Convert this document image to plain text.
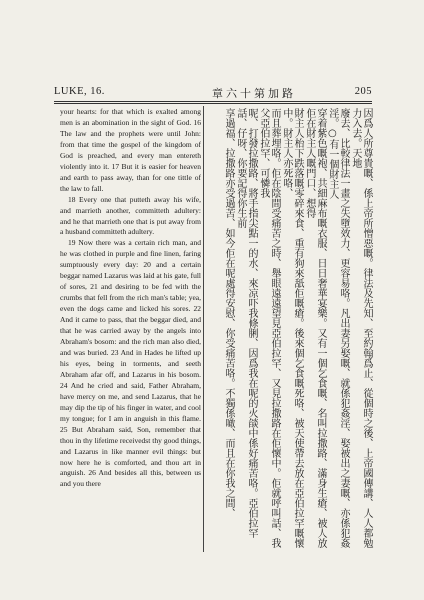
LUKE, 16.	章六十第加路	205

your hearts: for that which is exalted among men is an abomination in the sight of God. 16 The law and the prophets were until John: from that time the gospel of the kingdom of God is preached, and every man entereth violently into it. 17 But it is easier for heaven and earth to pass away, than for one tittle of the law to fall.

18 Every one that putteth away his wife, and marrieth another, committeth adultery: and he that marrieth one that is put away from a husband committeth adultery.

19 Now there was a certain rich man, and he was clothed in purple and fine linen, faring sumptuously every day: 20 and a certain beggar named Lazarus was laid at his gate, full of sores, 21 and desiring to be fed with the crumbs that fell from the rich man's table; yea, even the dogs came and licked his sores. 22 And it came to pass, that the beggar died, and that he was carried away by the angels into Abraham's bosom: and the rich man also died, and was buried. 23 And in Hades he lifted up his eyes, being in torments, and seeth Abraham afar off, and Lazarus in his bosom. 24 And he cried and said, Father Abraham, have mercy on me, and send Lazarus, that he may dip the tip of his finger in water, and cool my tongue; for I am in anguish in this flame. 25 But Abraham said, Son, remember that thou in thy lifetime receivedst thy good things, and Lazarus in like manner evil things: but now here he is comforted, and thou art in anguish. 26 And besides all this, between us and you there	因爲人所尊貴嘅、係上帝所憎惡嘅。律法及先知、至約翰爲止、從個時之後、上帝國傳講、人人都勉力入去。天地
廢去、比較律法一畫之失墮效力、更容易咯。凡出妻另娶嘅、就係犯姦淫、娶被出之妻嘅、亦係犯姦淫。○有一個財主人
穿着紫色嘅袍、共細麻布嘅衣服、日日奢華宴樂。又有一個乞食嘅、名叫拉撒路、滿身生瘡、被人放佢在財主人嘅門口、想得
財主人枱下跌落嘅零碎來食、重有狗來舐佢嘅瘡。後來個乞食嘅死咯、被天使帶去放在亞伯拉罕嘅懷中。財主人亦死咯、
而且葬埋咯。佢在陰間受痛苦之時、舉眼遠遠望見亞伯拉罕、又見拉撒路在佢懷中。佢就呼叫話、我父亞伯拉罕、可憐我
呢、打發拉撒路、將手指尖點一的水、來凉吓我條脷、因爲我在呢的火燄中係好痛苦咯。亞伯拉罕話、仔呀、你要記得你生前
享過福、拉撒路亦受過苦、如今佢在呢處得安慰、你受痛苦咯。不獨係噉、而且在你我之間、
